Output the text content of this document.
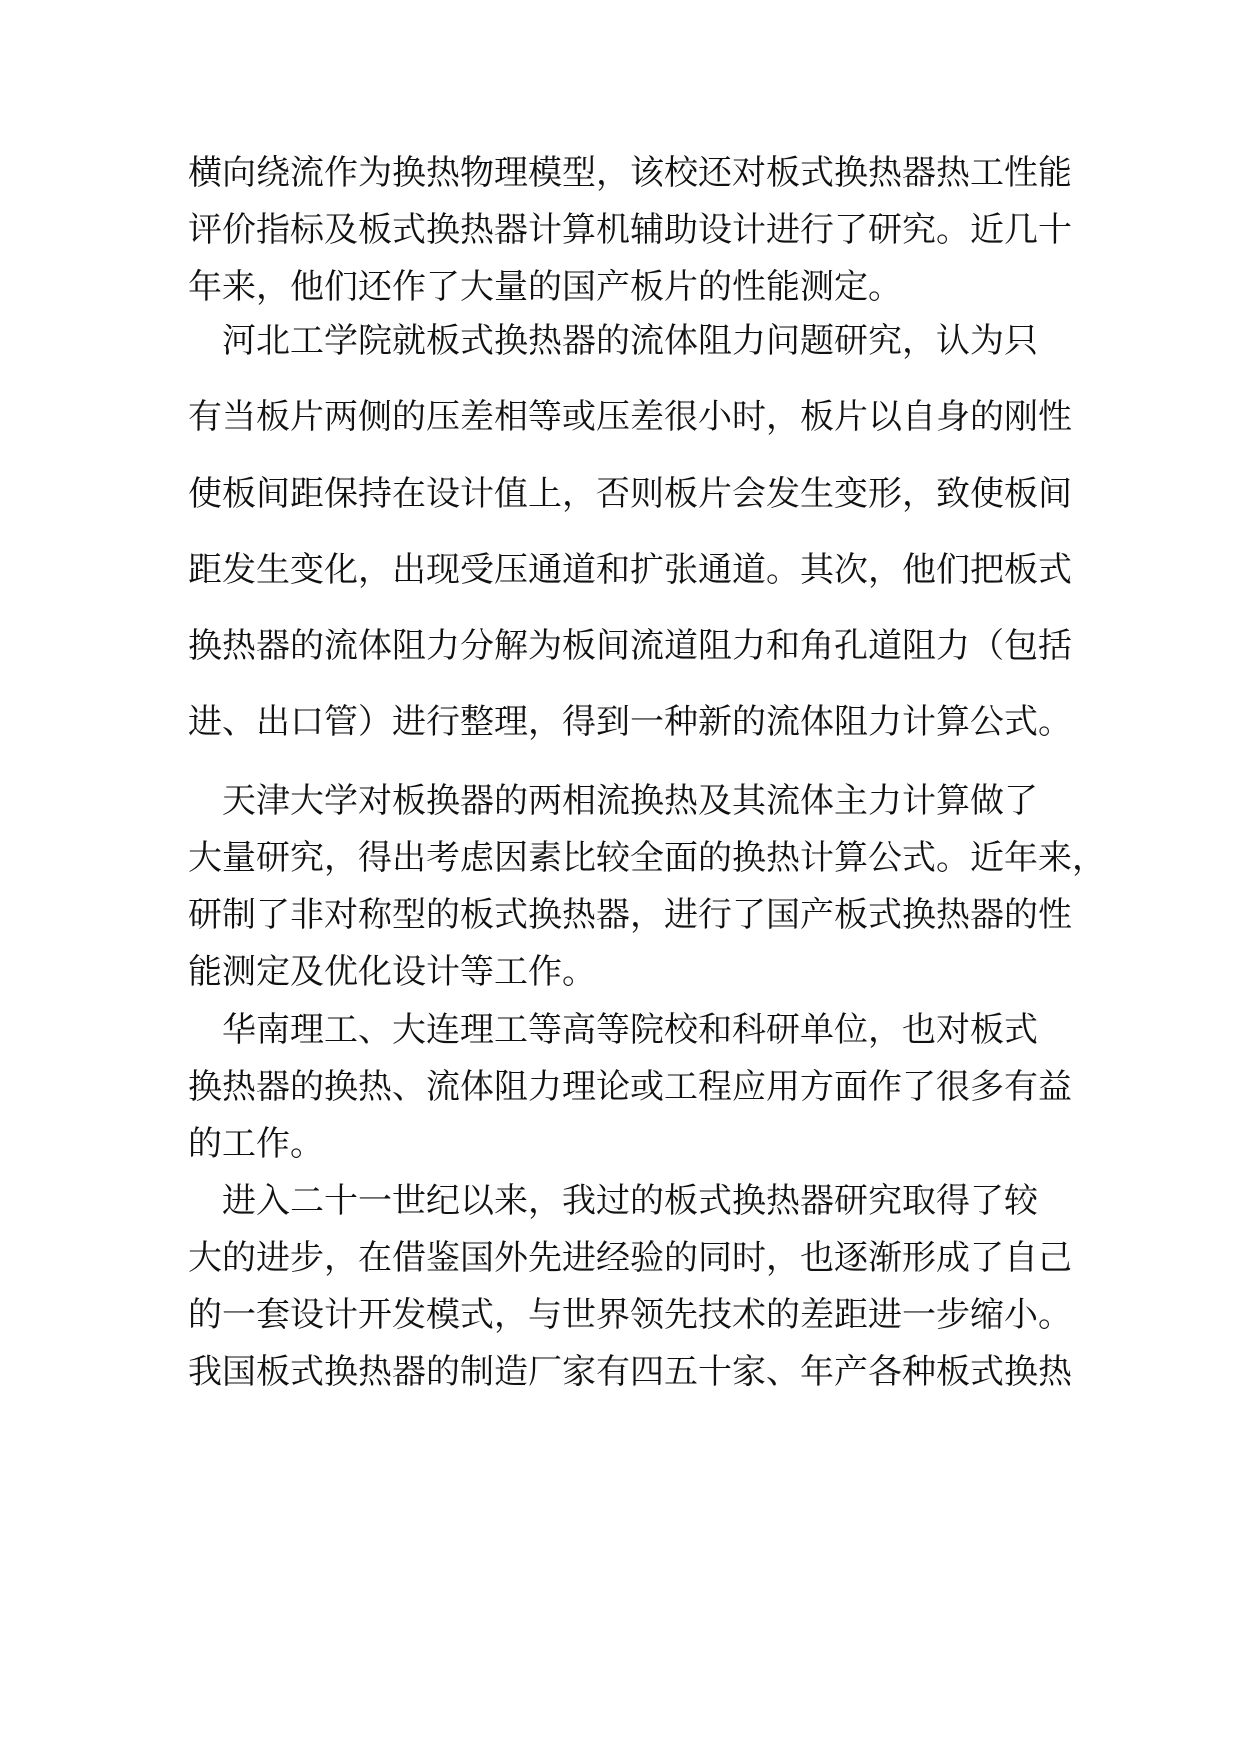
横向绕流作为换热物理模型，该校还对板式换热器热工性能
评价指标及板式换热器计算机辅助设计进行了研究。近几十
年来，他们还作了大量的国产板片的性能测定。
　河北工学院就板式换热器的流体阻力问题研究，认为只
有当板片两侧的压差相等或压差很小时，板片以自身的刚性
使板间距保持在设计值上，否则板片会发生变形，致使板间
距发生变化，出现受压通道和扩张通道。其次，他们把板式
换热器的流体阻力分解为板间流道阻力和角孔道阻力（包括
进、出口管）进行整理，得到一种新的流体阻力计算公式。
　天津大学对板换器的两相流换热及其流体主力计算做了
大量研究，得出考虑因素比较全面的换热计算公式。近年来，
研制了非对称型的板式换热器，进行了国产板式换热器的性
能测定及优化设计等工作。
　华南理工、大连理工等高等院校和科研单位，也对板式
换热器的换热、流体阻力理论或工程应用方面作了很多有益
的工作。
　进入二十一世纪以来，我过的板式换热器研究取得了较
大的进步，在借鉴国外先进经验的同时，也逐渐形成了自己
的一套设计开发模式，与世界领先技术的差距进一步缩小。
我国板式换热器的制造厂家有四五十家、年产各种板式换热
